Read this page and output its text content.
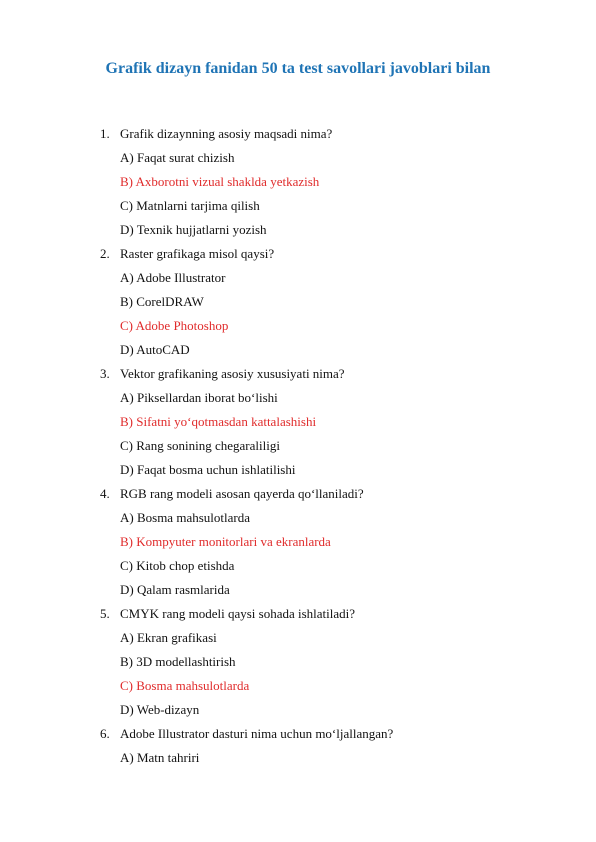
Grafik dizayn fanidan 50 ta test savollari javoblari bilan
1. Grafik dizaynning asosiy maqsadi nima?
A) Faqat surat chizish
B) Axborotni vizual shaklda yetkazish
C) Matnlarni tarjima qilish
D) Texnik hujjatlarni yozish
2. Raster grafikaga misol qaysi?
A) Adobe Illustrator
B) CorelDRAW
C) Adobe Photoshop
D) AutoCAD
3. Vektor grafikaning asosiy xususiyati nima?
A) Piksellardan iborat bo‘lishi
B) Sifatni yo‘qotmasdan kattalashishi
C) Rang sonining chegaraliligi
D) Faqat bosma uchun ishlatilishi
4. RGB rang modeli asosan qayerda qo‘llaniladi?
A) Bosma mahsulotlarda
B) Kompyuter monitorlari va ekranlarda
C) Kitob chop etishda
D) Qalam rasmlarida
5. CMYK rang modeli qaysi sohada ishlatiladi?
A) Ekran grafikasi
B) 3D modellashtirish
C) Bosma mahsulotlarda
D) Web-dizayn
6. Adobe Illustrator dasturi nima uchun mo‘ljallangan?
A) Matn tahriri
